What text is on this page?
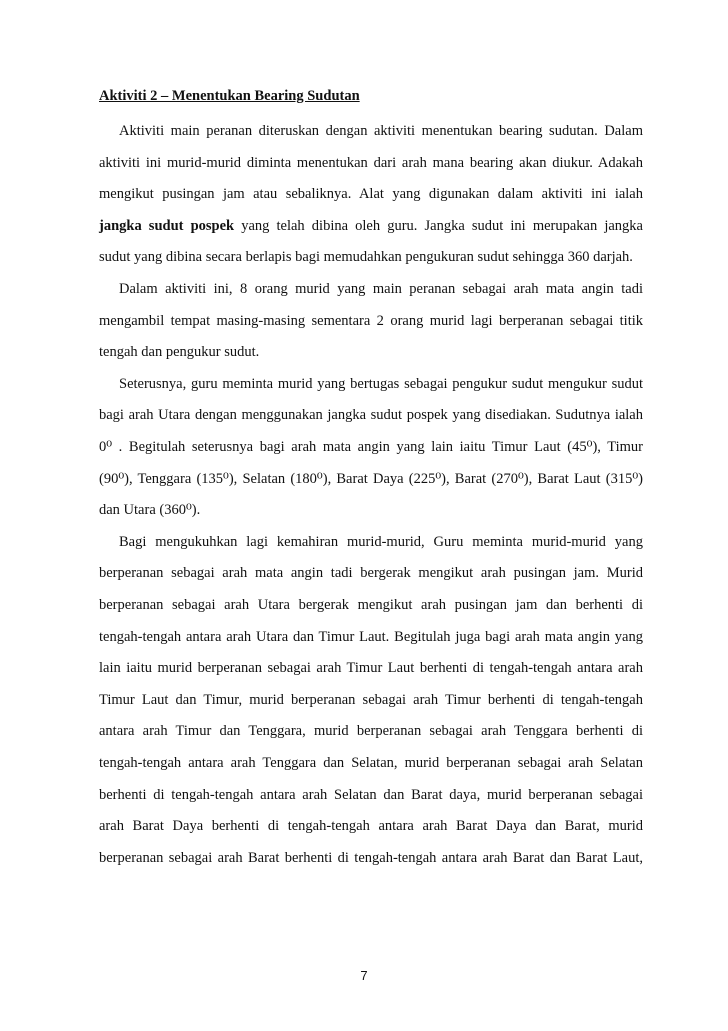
Aktiviti 2 – Menentukan Bearing Sudutan
Aktiviti main peranan diteruskan dengan aktiviti menentukan bearing sudutan. Dalam
aktiviti ini murid-murid diminta menentukan dari arah mana bearing akan diukur. Adakah
mengikut pusingan jam atau sebaliknya. Alat yang digunakan dalam aktiviti ini ialah
jangka sudut pospek yang telah dibina oleh guru. Jangka sudut ini merupakan jangka
sudut yang dibina secara berlapis bagi memudahkan pengukuran sudut sehingga 360 darjah.
Dalam aktiviti ini, 8 orang murid yang main peranan sebagai arah mata angin tadi
mengambil tempat masing-masing sementara 2 orang murid lagi berperanan sebagai titik
tengah dan pengukur sudut.
Seterusnya, guru meminta murid yang bertugas sebagai pengukur sudut mengukur sudut
bagi arah Utara dengan menggunakan jangka sudut pospek yang disediakan. Sudutnya ialah
0⁰ . Begitulah seterusnya bagi arah mata angin yang lain iaitu Timur Laut (45⁰), Timur
(90⁰), Tenggara (135⁰), Selatan (180⁰), Barat Daya (225⁰), Barat (270⁰), Barat Laut (315⁰)
dan Utara (360⁰).
Bagi mengukuhkan lagi kemahiran murid-murid, Guru meminta murid-murid yang
berperanan sebagai arah mata angin tadi bergerak mengikut arah pusingan jam. Murid
berperanan sebagai arah Utara bergerak mengikut arah pusingan jam dan berhenti di
tengah-tengah antara arah Utara dan Timur Laut. Begitulah juga bagi arah mata angin yang
lain iaitu murid berperanan sebagai arah Timur Laut berhenti di tengah-tengah antara arah
Timur Laut dan Timur, murid berperanan sebagai arah Timur berhenti di tengah-tengah
antara arah Timur dan Tenggara, murid berperanan sebagai arah Tenggara berhenti di
tengah-tengah antara arah Tenggara dan Selatan, murid berperanan sebagai arah Selatan
berhenti di tengah-tengah antara arah Selatan dan Barat daya, murid berperanan sebagai
arah Barat Daya berhenti di tengah-tengah antara arah Barat Daya dan Barat, murid
berperanan sebagai arah Barat berhenti di tengah-tengah antara arah Barat dan Barat Laut,
7
